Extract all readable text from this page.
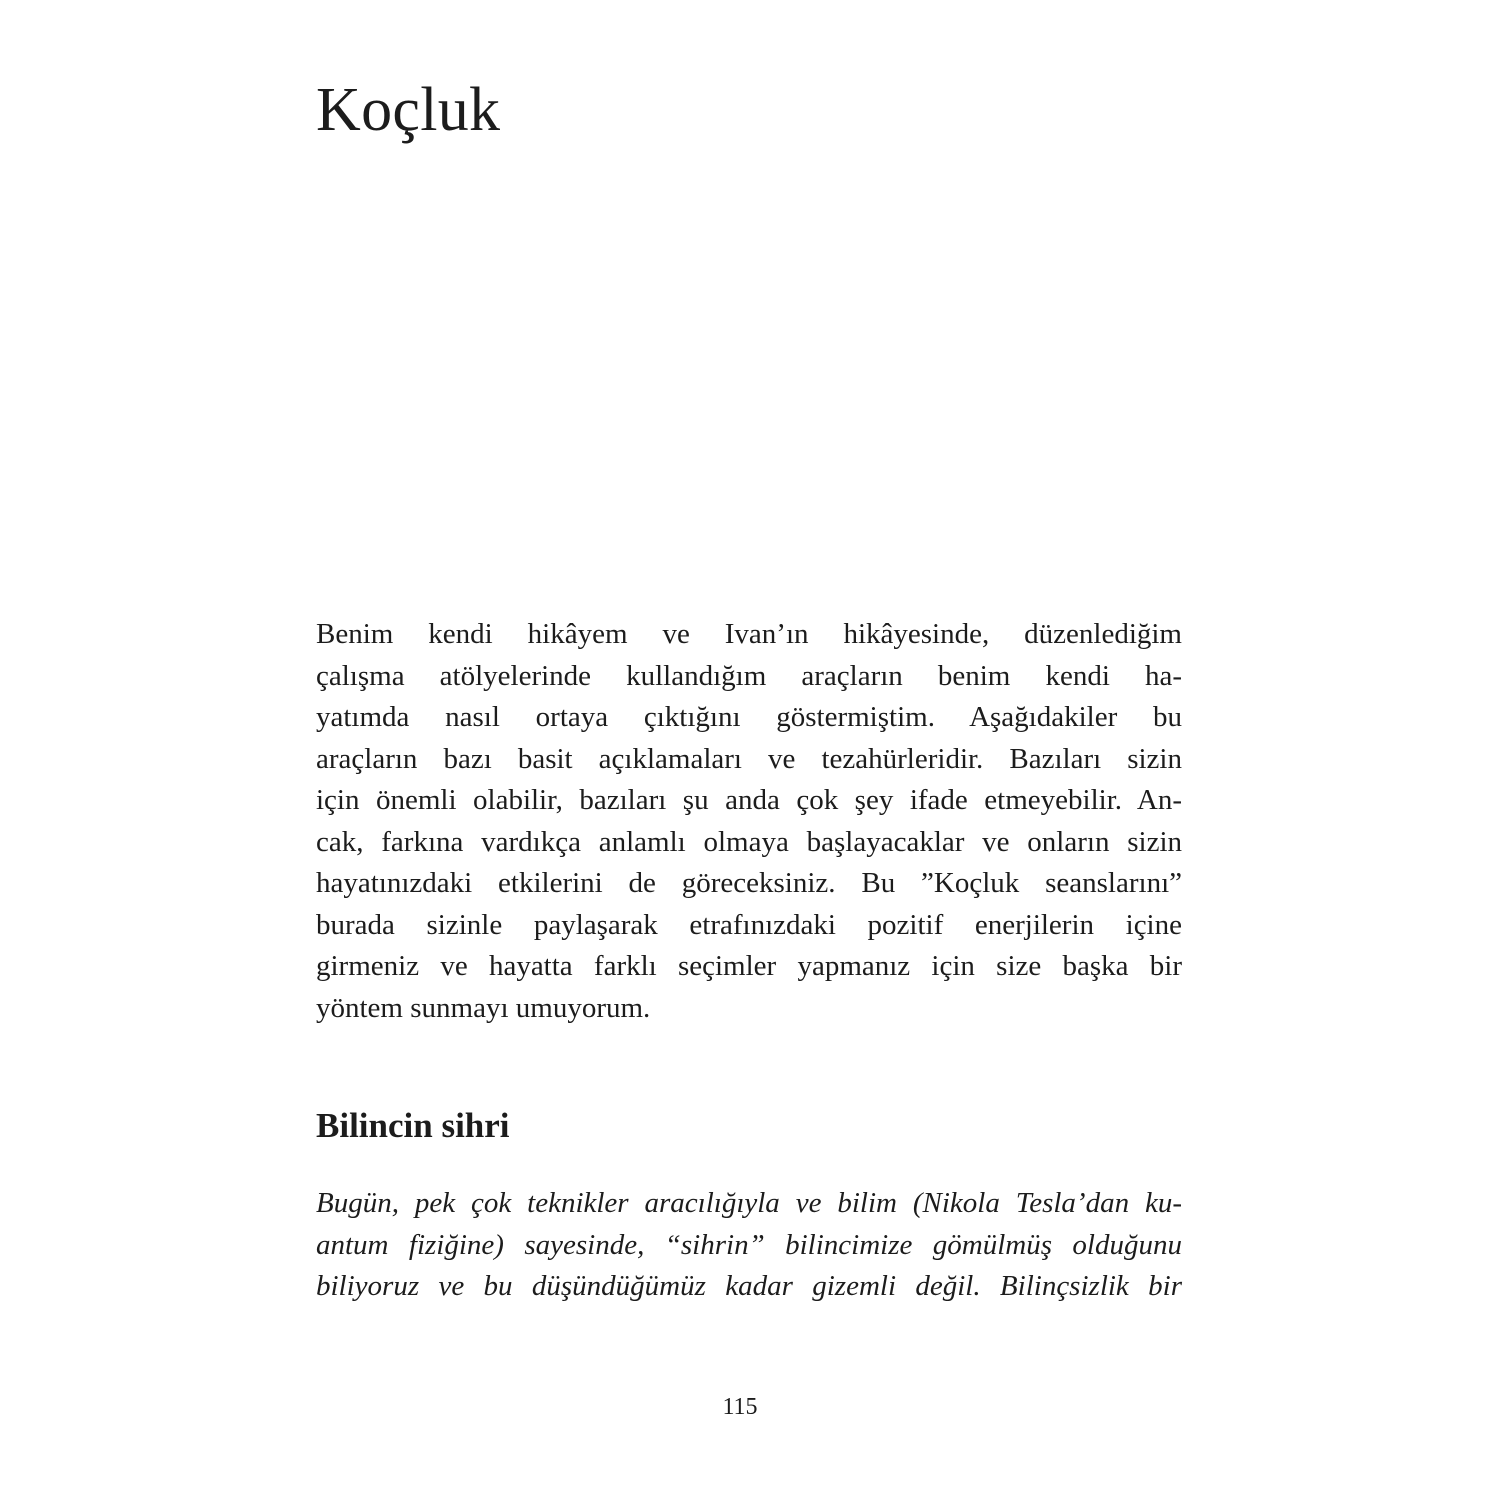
Koçluk
Benim kendi hikâyem ve Ivan’ın hikâyesinde, düzenlediğim
çalışma atölyelerinde kullandığım araçların benim kendi ha-
yatımda nasıl ortaya çıktığını göstermiştim. Aşağıdakiler bu
araçların bazı basit açıklamaları ve tezahürleridir. Bazıları sizin
için önemli olabilir, bazıları şu anda çok şey ifade etmeyebilir. An-
cak, farkına vardıkça anlamlı olmaya başlayacaklar ve onların sizin
hayatınızdaki etkilerini de göreceksiniz. Bu ”Koçluk seanslarını”
burada sizinle paylaşarak etrafınızdaki pozitif enerjilerin içine
girmeniz ve hayatta farklı seçimler yapmanız için size başka bir
yöntem sunmayı umuyorum.
Bilincin sihri
Bugün, pek çok teknikler aracılığıyla ve bilim (Nikola Tesla’dan ku-
antum fiziğine) sayesinde, “sihrin” bilincimize gömülmüş olduğunu
biliyoruz ve bu düşündüğümüz kadar gizemli değil. Bilinçsizlik bir
115
